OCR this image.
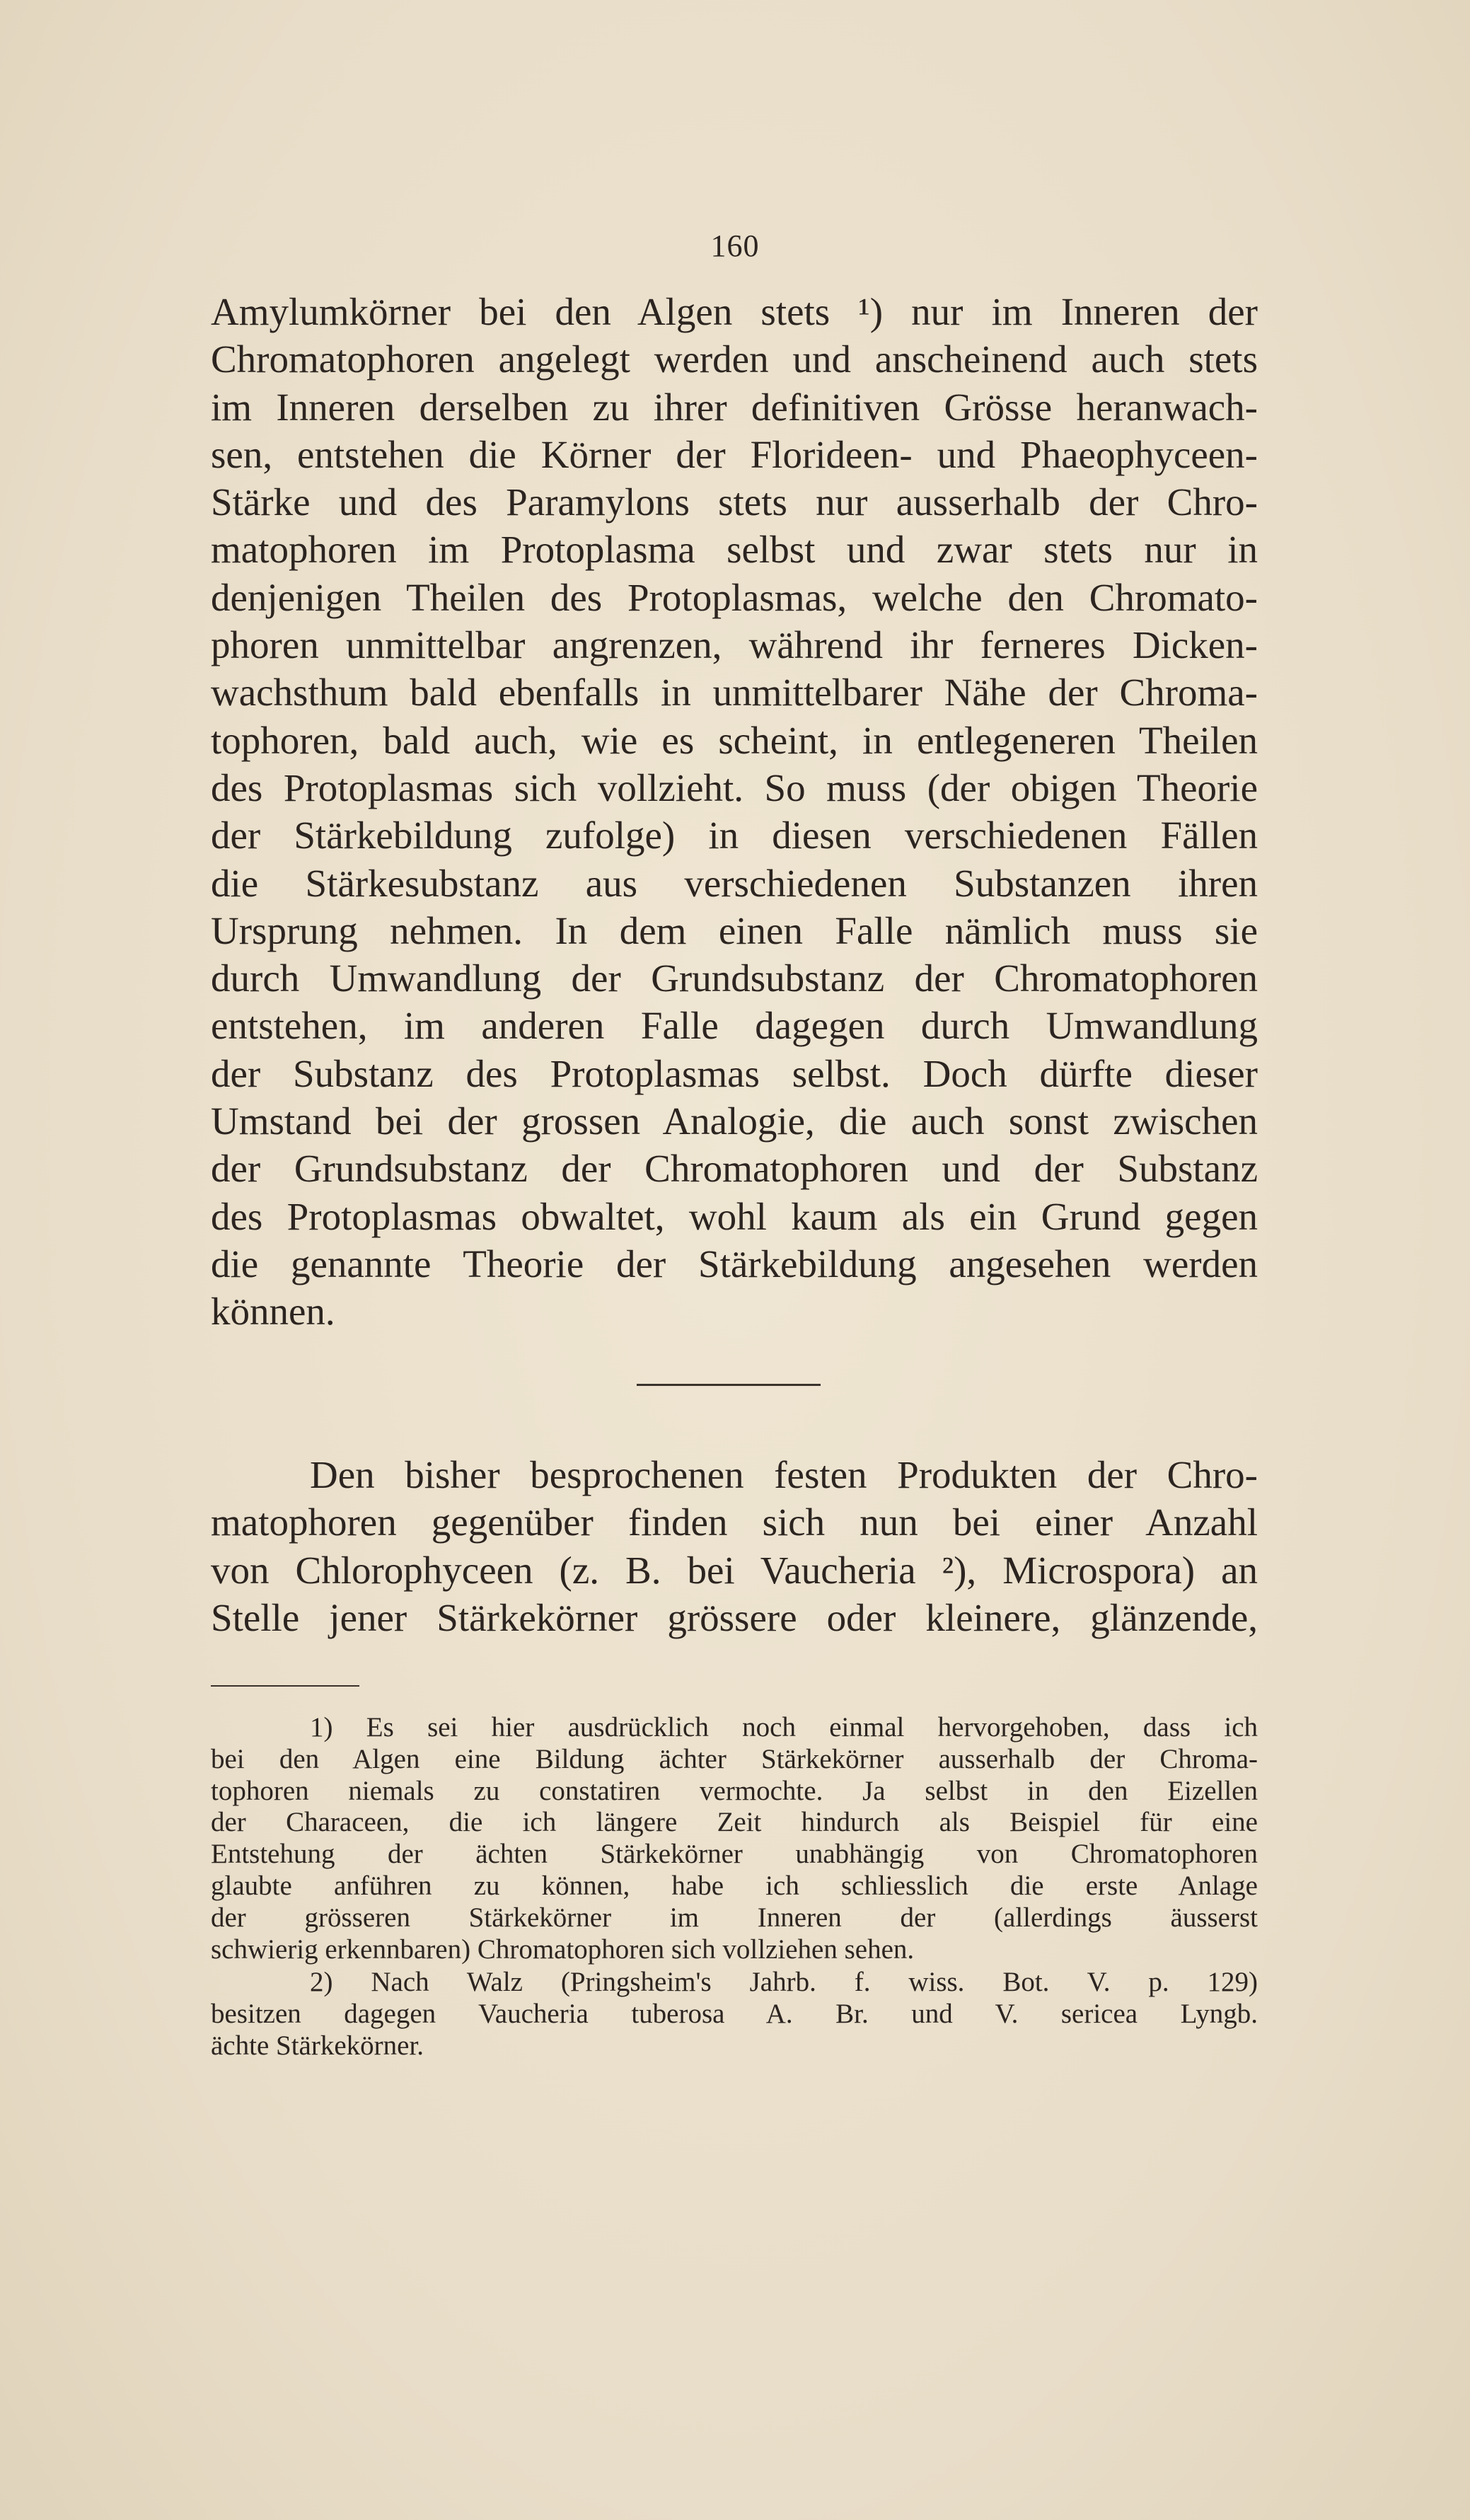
160
Amylumkörner bei den Algen stets ¹) nur im Inneren der
Chromatophoren angelegt werden und anscheinend auch stets
im Inneren derselben zu ihrer definitiven Grösse heranwach-
sen, entstehen die Körner der Florideen- und Phaeophyceen-
Stärke und des Paramylons stets nur ausserhalb der Chro-
matophoren im Protoplasma selbst und zwar stets nur in
denjenigen Theilen des Protoplasmas, welche den Chromato-
phoren unmittelbar angrenzen, während ihr ferneres Dicken-
wachsthum bald ebenfalls in unmittelbarer Nähe der Chroma-
tophoren, bald auch, wie es scheint, in entlegeneren Theilen
des Protoplasmas sich vollzieht. So muss (der obigen Theorie
der Stärkebildung zufolge) in diesen verschiedenen Fällen
die Stärkesubstanz aus verschiedenen Substanzen ihren
Ursprung nehmen. In dem einen Falle nämlich muss sie
durch Umwandlung der Grundsubstanz der Chromatophoren
entstehen, im anderen Falle dagegen durch Umwandlung
der Substanz des Protoplasmas selbst. Doch dürfte dieser
Umstand bei der grossen Analogie, die auch sonst zwischen
der Grundsubstanz der Chromatophoren und der Substanz
des Protoplasmas obwaltet, wohl kaum als ein Grund gegen
die genannte Theorie der Stärkebildung angesehen werden
können.
Den bisher besprochenen festen Produkten der Chro-
matophoren gegenüber finden sich nun bei einer Anzahl
von Chlorophyceen (z. B. bei Vaucheria ²), Microspora) an
Stelle jener Stärkekörner grössere oder kleinere, glänzende,
1) Es sei hier ausdrücklich noch einmal hervorgehoben, dass ich
bei den Algen eine Bildung ächter Stärkekörner ausserhalb der Chroma-
tophoren niemals zu constatiren vermochte. Ja selbst in den Eizellen
der Characeen, die ich längere Zeit hindurch als Beispiel für eine
Entstehung der ächten Stärkekörner unabhängig von Chromatophoren
glaubte anführen zu können, habe ich schliesslich die erste Anlage
der grösseren Stärkekörner im Inneren der (allerdings äusserst
schwierig erkennbaren) Chromatophoren sich vollziehen sehen.
2) Nach Walz (Pringsheim's Jahrb. f. wiss. Bot. V. p. 129)
besitzen dagegen Vaucheria tuberosa A. Br. und V. sericea Lyngb.
ächte Stärkekörner.
